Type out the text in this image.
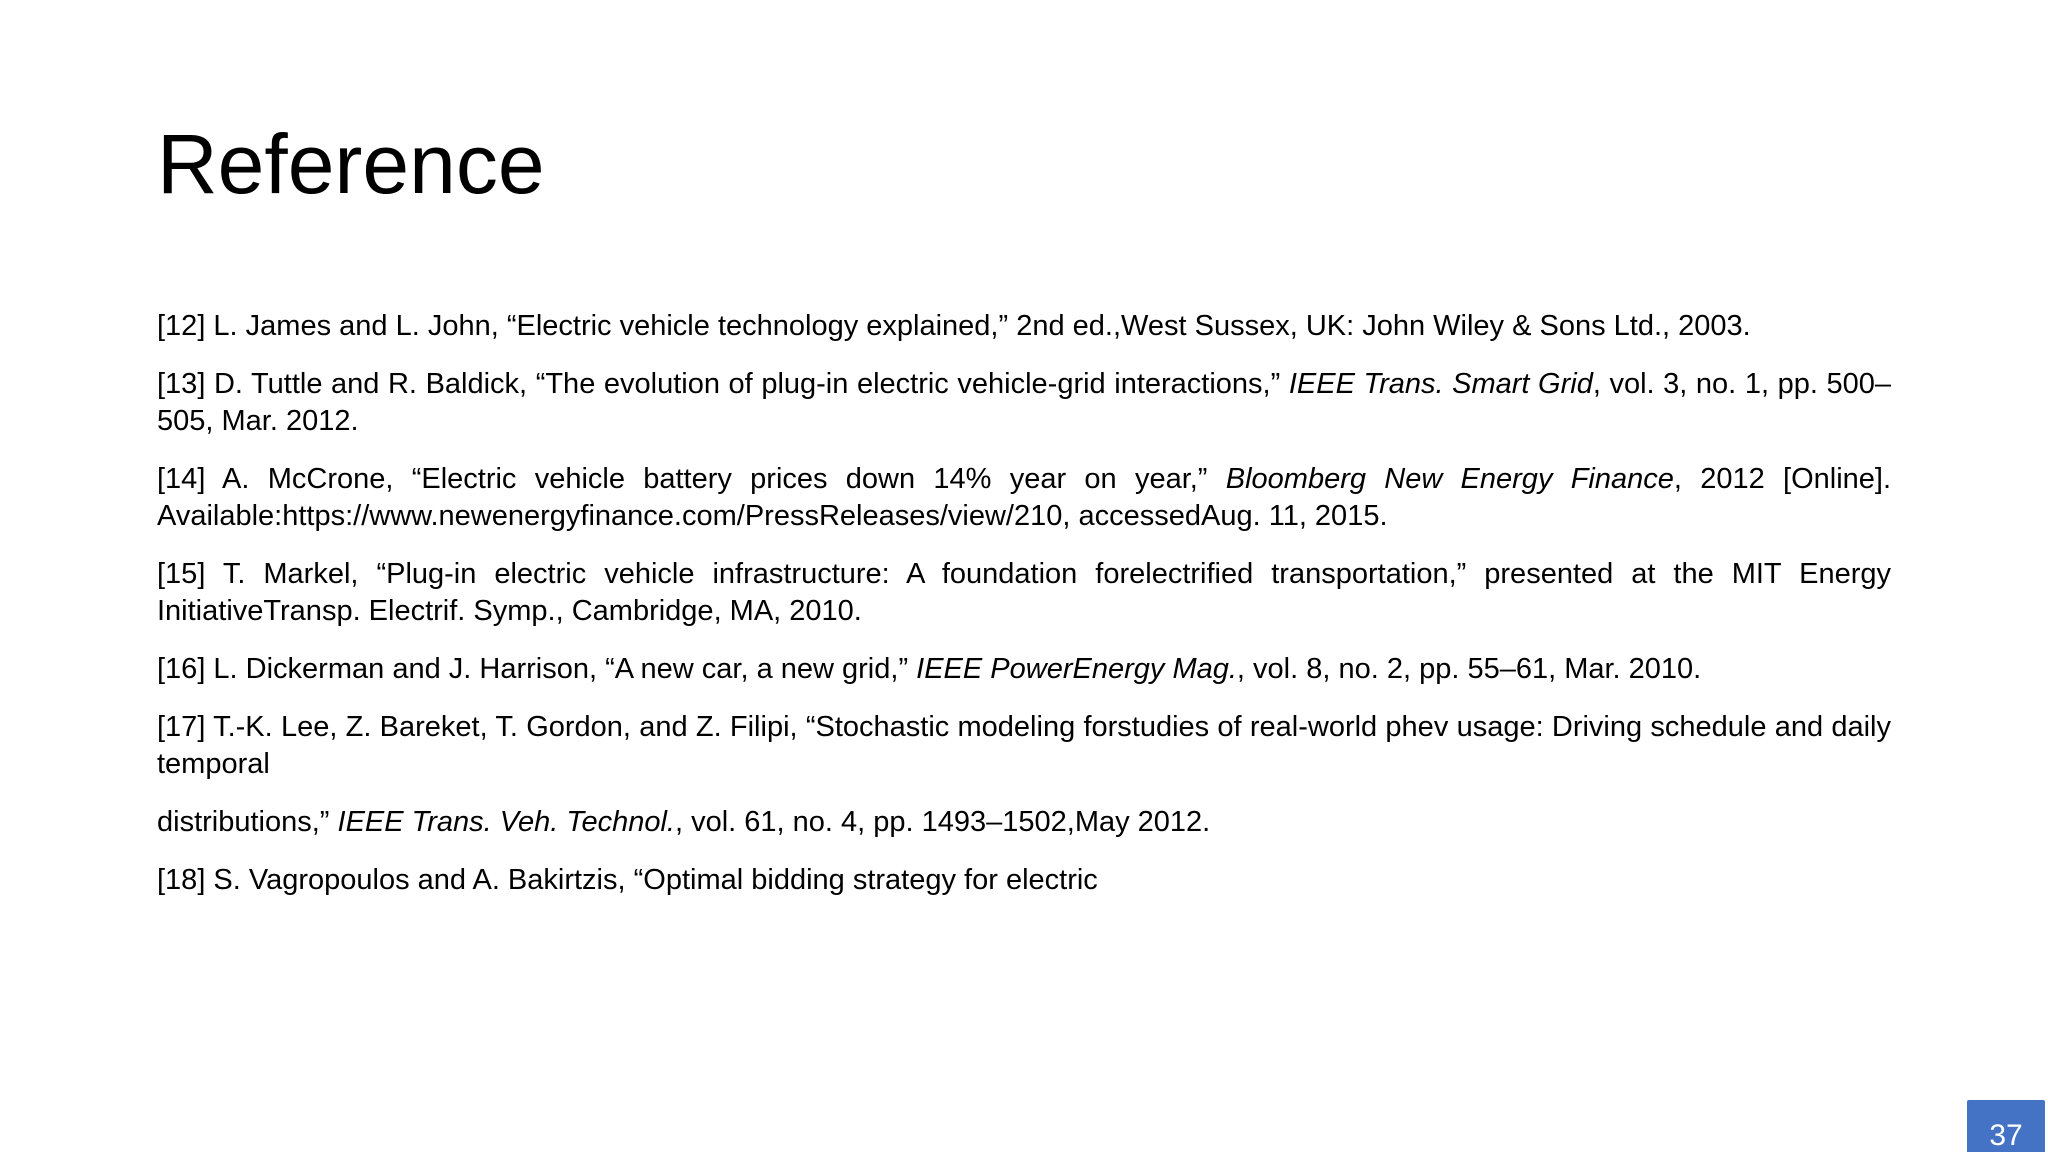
Reference

[12] L. James and L. John, “Electric vehicle technology explained,” 2nd ed.,West Sussex, UK: John Wiley & Sons Ltd., 2003.

[13] D. Tuttle and R. Baldick, “The evolution of plug-in electric vehicle-grid interactions,” IEEE Trans. Smart Grid, vol. 3, no. 1, pp. 500–505, Mar. 2012.

[14] A. McCrone, “Electric vehicle battery prices down 14% year on year,” Bloomberg New Energy Finance, 2012 [Online]. Available:https://www.newenergyfinance.com/PressReleases/view/210, accessedAug. 11, 2015.

[15] T. Markel, “Plug-in electric vehicle infrastructure: A foundation forelectrified transportation,” presented at the MIT Energy InitiativeTransp. Electrif. Symp., Cambridge, MA, 2010.

[16] L. Dickerman and J. Harrison, “A new car, a new grid,” IEEE PowerEnergy Mag., vol. 8, no. 2, pp. 55–61, Mar. 2010.

[17] T.-K. Lee, Z. Bareket, T. Gordon, and Z. Filipi, “Stochastic modeling forstudies of real-world phev usage: Driving schedule and daily temporal

distributions,” IEEE Trans. Veh. Technol., vol. 61, no. 4, pp. 1493–1502,May 2012.

[18] S. Vagropoulos and A. Bakirtzis, “Optimal bidding strategy for electric

37
